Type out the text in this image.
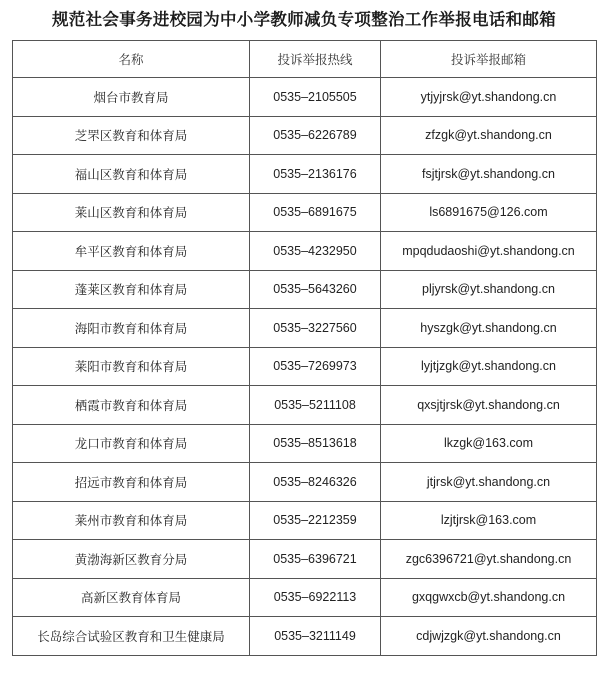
规范社会事务进校园为中小学教师减负专项整治工作举报电话和邮箱
名称	投诉举报热线	投诉举报邮箱
烟台市教育局	0535–2105505	ytjyjrsk@yt.shandong.cn
芝罘区教育和体育局	0535–6226789	zfzgk@yt.shandong.cn
福山区教育和体育局	0535–2136176	fsjtjrsk@yt.shandong.cn
莱山区教育和体育局	0535–6891675	ls6891675@126.com
牟平区教育和体育局	0535–4232950	mpqdudaoshi@yt.shandong.cn
蓬莱区教育和体育局	0535–5643260	pljyrsk@yt.shandong.cn
海阳市教育和体育局	0535–3227560	hyszgk@yt.shandong.cn
莱阳市教育和体育局	0535–7269973	lyjtjzgk@yt.shandong.cn
栖霞市教育和体育局	0535–5211108	qxsjtjrsk@yt.shandong.cn
龙口市教育和体育局	0535–8513618	lkzgk@163.com
招远市教育和体育局	0535–8246326	jtjrsk@yt.shandong.cn
莱州市教育和体育局	0535–2212359	lzjtjrsk@163.com
黄渤海新区教育分局	0535–6396721	zgc6396721@yt.shandong.cn
高新区教育体育局	0535–6922113	gxqgwxcb@yt.shandong.cn
长岛综合试验区教育和卫生健康局	0535–3211149	cdjwjzgk@yt.shandong.cn
